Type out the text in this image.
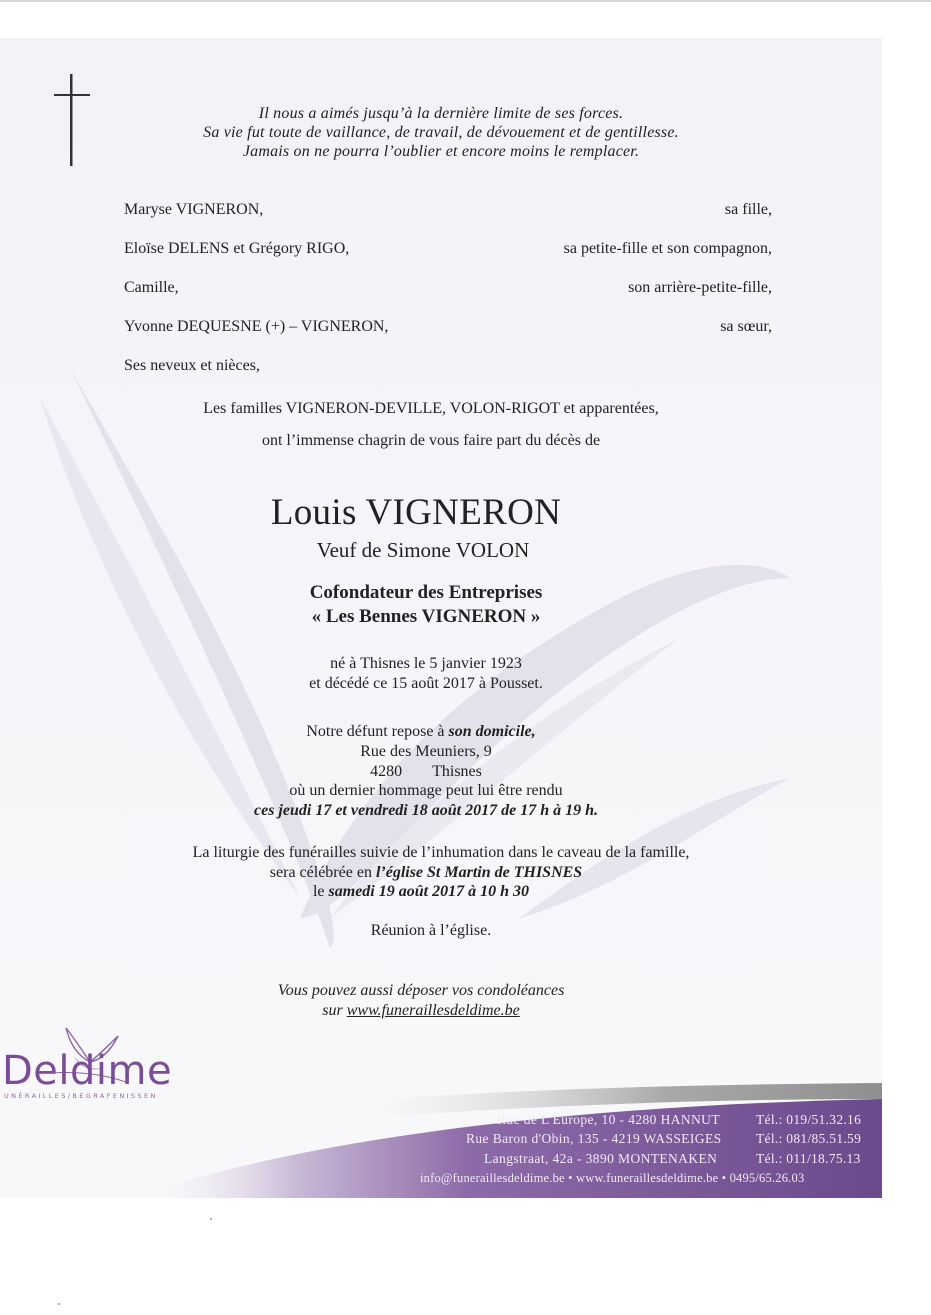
Il nous a aimés jusqu’à la dernière limite de ses forces.
Sa vie fut toute de vaillance, de travail, de dévouement et de gentillesse.
Jamais on ne pourra l’oublier et encore moins le remplacer.
Maryse VIGNERON,	sa fille,
Eloïse DELENS et Grégory RIGO,	sa petite-fille et son compagnon,
Camille,	son arrière-petite-fille,
Yvonne DEQUESNE (+) – VIGNERON,	sa sœur,
Ses neveux et nièces,
Les familles VIGNERON-DEVILLE, VOLON-RIGOT et apparentées,
ont l’immense chagrin de vous faire part du décès de
Louis VIGNERON
Veuf de Simone VOLON
Cofondateur des Entreprises
« Les Bennes VIGNERON »
né à Thisnes le 5 janvier 1923
et décédé ce 15 août 2017 à Pousset.
Notre défunt repose à son domicile,
Rue des Meuniers, 9
4280 Thisnes
où un dernier hommage peut lui être rendu
ces jeudi 17 et vendredi 18 août 2017 de 17 h à 19 h.
La liturgie des funérailles suivie de l’inhumation dans le caveau de la famille,
sera célébrée en l’église St Martin de THISNES
le samedi 19 août 2017 à 10 h 30
Réunion à l’église.
Vous pouvez aussi déposer vos condoléances
sur www.funeraillesdeldime.be
Deldime
UNÉRAILLES/BEGRAFENISSEN
Rue de L'Europe, 10 - 4280 HANNUT	Tél.: 019/51.32.16
Rue Baron d'Obin, 135 - 4219 WASSEIGES	Tél.: 081/85.51.59
Langstraat, 42a - 3890 MONTENAKEN	Tél.: 011/18.75.13
info@funeraillesdeldime.be • www.funeraillesdeldime.be • 0495/65.26.03
